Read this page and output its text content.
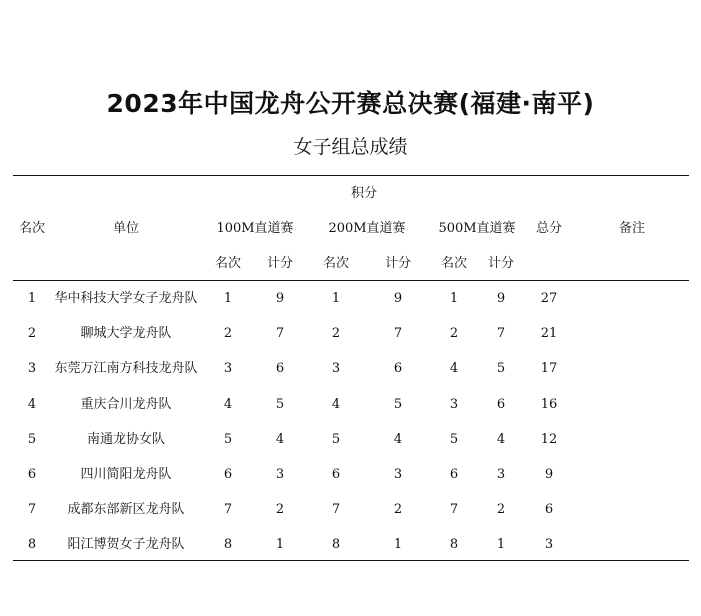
2023年中国龙舟公开赛总决赛(福建·南平)
女子组总成绩
积分
名次	单位	100M直道赛	200M直道赛	500M直道赛 总分	备注
名次 计分 名次	计分 名次 计分
1 华中科技大学女子龙舟队 1	9	1	9	1	9	27
2	聊城大学龙舟队	2	7	2	7	2	7	21
3 东莞万江南方科技龙舟队 3	6	3	6	4	5	17
4	重庆合川龙舟队	4	5	4	5	3	6	16
5	南通龙协女队	5	4	5	4	5	4	12
6	四川简阳龙舟队	6	3	6	3	6	3	9
7 成都东部新区龙舟队	7	2	7	2	7	2	6
8 阳江博贺女子龙舟队	8	1	8	1	8	1	3
